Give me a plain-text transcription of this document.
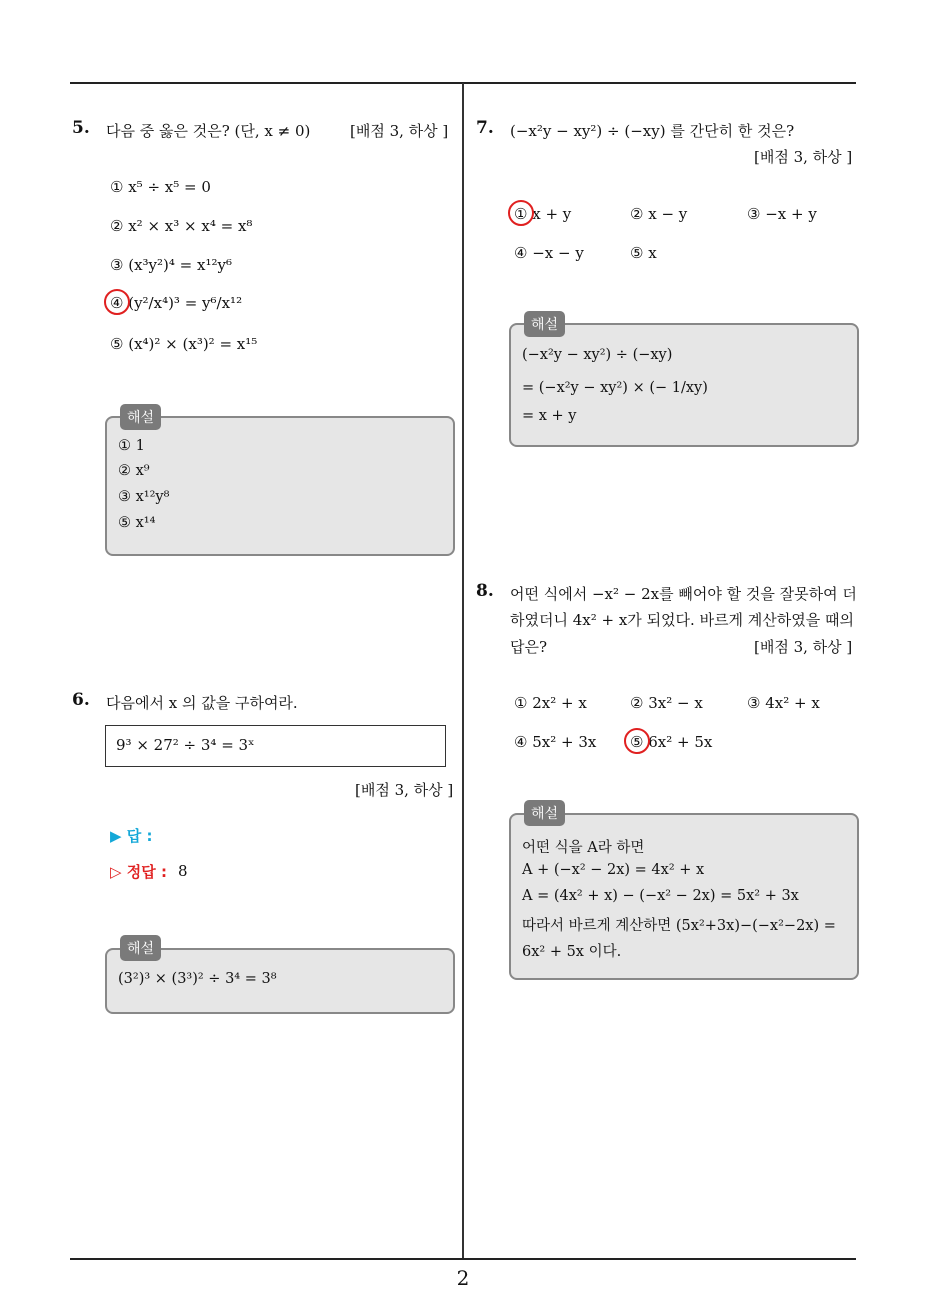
5. 다음 중 옳은 것은? (단, x ≠ 0)	[배점 3, 하상 ]
① x⁵ ÷ x⁵ = 0
② x² × x³ × x⁴ = x⁸
③ (x³y²)⁴ = x¹²y⁶
④ (y²/x⁴)³ = y⁶/x¹²
⑤ (x⁴)² × (x³)² = x¹⁵
해설
① 1
② x⁹
③ x¹²y⁸
⑤ x¹⁴
6. 다음에서 x 의 값을 구하여라.
9³ × 27² ÷ 3⁴ = 3ˣ
[배점 3, 하상 ]
▶ 답 :
▷ 정답 : 8
해설
(3²)³ × (3³)² ÷ 3⁴ = 3⁸
7. (−x²y − xy²) ÷ (−xy) 를 간단히 한 것은?
[배점 3, 하상 ]
① x + y	② x − y	③ −x + y
④ −x − y	⑤ x
해설
(−x²y − xy²) ÷ (−xy)
= (−x²y − xy²) × (− 1/xy)
= x + y
8. 어떤 식에서 −x² − 2x를 빼어야 할 것을 잘못하여 더
하였더니 4x² + x가 되었다. 바르게 계산하였을 때의
답은?	[배점 3, 하상 ]
① 2x² + x	② 3x² − x	③ 4x² + x
④ 5x² + 3x ⑤ 6x² + 5x
해설
어떤 식을 A라 하면
A + (−x² − 2x) = 4x² + x
A = (4x² + x) − (−x² − 2x) = 5x² + 3x
따라서 바르게 계산하면 (5x²+3x)−(−x²−2x) =
6x² + 5x 이다.
2
